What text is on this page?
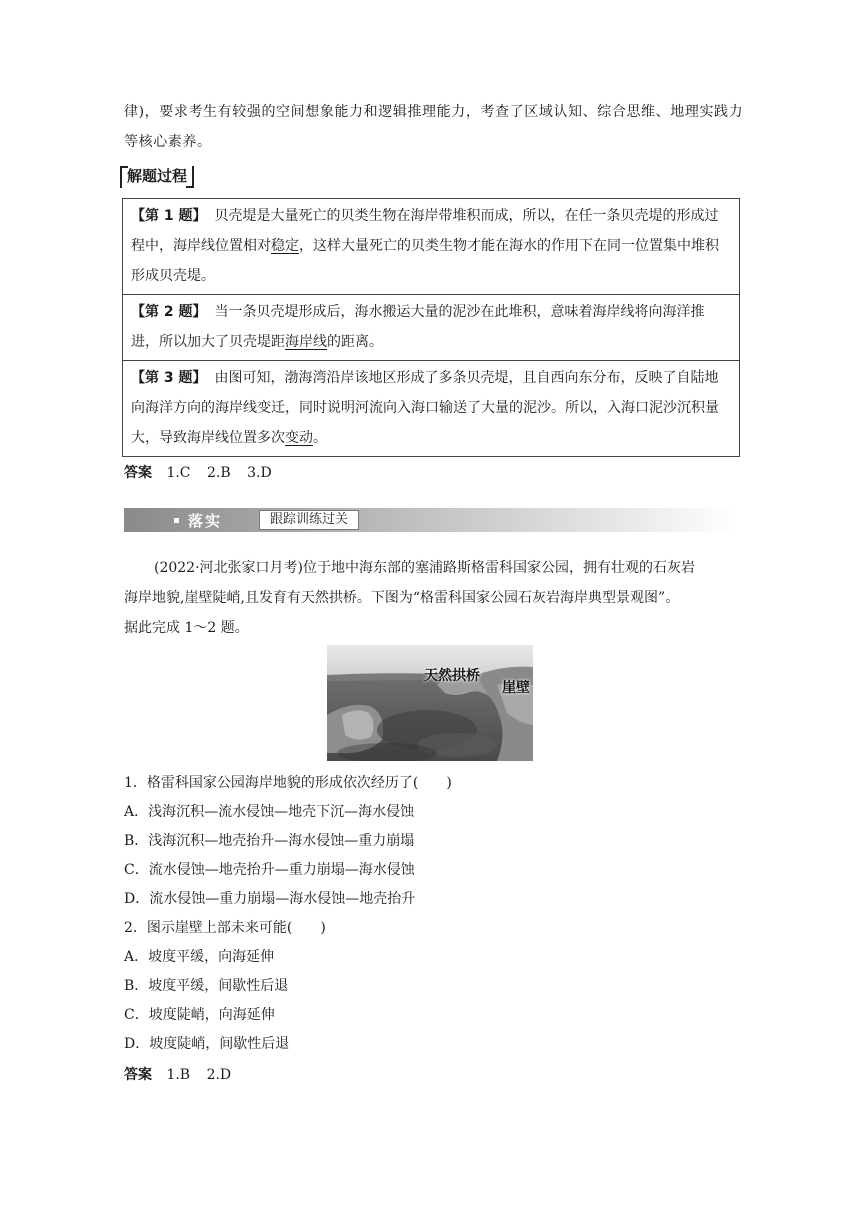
律)，要求考生有较强的空间想象能力和逻辑推理能力，考查了区域认知、综合思维、地理实践力等核心素养。

解题过程
【第 1 题】 贝壳堤是大量死亡的贝类生物在海岸带堆积而成，所以，在任一条贝壳堤的形成过程中，海岸线位置相对稳定，这样大量死亡的贝类生物才能在海水的作用下在同一位置集中堆积形成贝壳堤。
【第 2 题】 当一条贝壳堤形成后，海水搬运大量的泥沙在此堆积，意味着海岸线将向海洋推进，所以加大了贝壳堤距海岸线的距离。
【第 3 题】 由图可知，渤海湾沿岸该地区形成了多条贝壳堤，且自西向东分布，反映了自陆地向海洋方向的海岸线变迁，同时说明河流向入海口输送了大量的泥沙。所以，入海口泥沙沉积量大，导致海岸线位置多次变动。
答案 1.C 2.B 3.D
落实	跟踪训练过关

(2022·河北张家口月考)位于地中海东部的塞浦路斯格雷科国家公园，拥有壮观的石灰岩

海岸地貌,崖壁陡峭,且发育有天然拱桥。下图为“格雷科国家公园石灰岩海岸典型景观图”。

据此完成 1～2 题。

天然拱桥
崖壁
1．格雷科国家公园海岸地貌的形成依次经历了(　　)
A．浅海沉积—流水侵蚀—地壳下沉—海水侵蚀
B．浅海沉积—地壳抬升—海水侵蚀—重力崩塌
C．流水侵蚀—地壳抬升—重力崩塌—海水侵蚀
D．流水侵蚀—重力崩塌—海水侵蚀—地壳抬升
2．图示崖壁上部未来可能(　　)
A．坡度平缓，向海延伸
B．坡度平缓，间歇性后退
C．坡度陡峭，向海延伸
D．坡度陡峭，间歇性后退
答案 1.B 2.D
